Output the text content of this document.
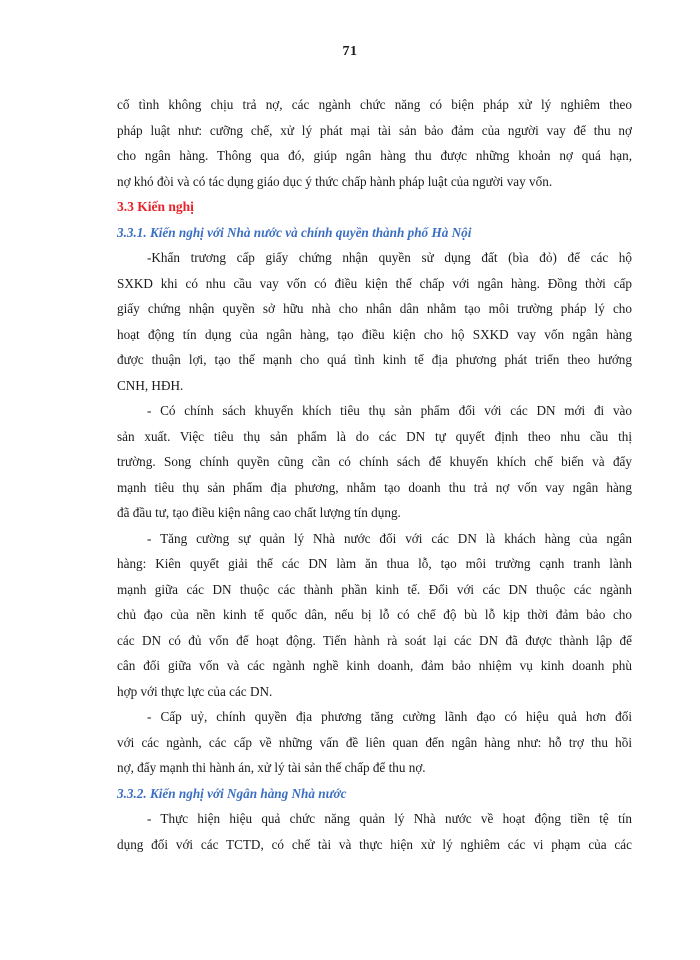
71
cố tình không chịu trả nợ, các ngành chức năng có biện pháp xử lý nghiêm theo
pháp luật như: cưỡng chế, xử lý phát mại tài sản bảo đảm của người vay để thu nợ
cho ngân hàng. Thông qua đó, giúp ngân hàng thu được những khoản nợ quá hạn,
nợ khó đòi và có tác dụng giáo dục ý thức chấp hành pháp luật của người vay vốn.
3.3 Kiến nghị
3.3.1. Kiến nghị với Nhà nước và chính quyền thành phố Hà Nội
-Khẩn trương cấp giấy chứng nhận quyền sử dụng đất (bìa đỏ) để các hộ
SXKD khi có nhu cầu vay vốn có điều kiện thế chấp với ngân hàng. Đồng thời cấp
giấy chứng nhận quyền sở hữu nhà cho nhân dân nhằm tạo môi trường pháp lý cho
hoạt động tín dụng của ngân hàng, tạo điều kiện cho hộ SXKD vay vốn ngân hàng
được thuận lợi, tạo thế mạnh cho quá tình kinh tế địa phương phát triển theo hướng
CNH, HĐH.
- Có chính sách khuyến khích tiêu thụ sản phẩm đối với các DN mới đi vào
sản xuất. Việc tiêu thụ sản phẩm là do các DN tự quyết định theo nhu cầu thị
trường. Song chính quyền cũng cần có chính sách để khuyến khích chế biến và đẩy
mạnh tiêu thụ sản phẩm địa phương, nhằm tạo doanh thu trả nợ vốn vay ngân hàng
đã đầu tư, tạo điều kiện nâng cao chất lượng tín dụng.
- Tăng cường sự quản lý Nhà nước đối với các DN là khách hàng của ngân
hàng: Kiên quyết giải thể các DN làm ăn thua lỗ, tạo môi trường cạnh tranh lành
mạnh giữa các DN thuộc các thành phần kinh tế. Đối với các DN thuộc các ngành
chủ đạo của nền kinh tế quốc dân, nếu bị lỗ có chế độ bù lỗ kịp thời đảm bảo cho
các DN có đủ vốn để hoạt động. Tiến hành rà soát lại các DN đã được thành lập để
cân đối giữa vốn và các ngành nghề kinh doanh, đảm bảo nhiệm vụ kinh doanh phù
hợp với thực lực của các DN.
- Cấp uỷ, chính quyền địa phương tăng cường lãnh đạo có hiệu quả hơn đối
với các ngành, các cấp về những vấn đề liên quan đến ngân hàng như: hỗ trợ thu hồi
nợ, đẩy mạnh thi hành án, xử lý tài sản thế chấp để thu nợ.
3.3.2. Kiến nghị với Ngân hàng Nhà nước
- Thực hiện hiệu quả chức năng quản lý Nhà nước về hoạt động tiền tệ tín
dụng đối với các TCTD, có chế tài và thực hiện xử lý nghiêm các vi phạm của các
